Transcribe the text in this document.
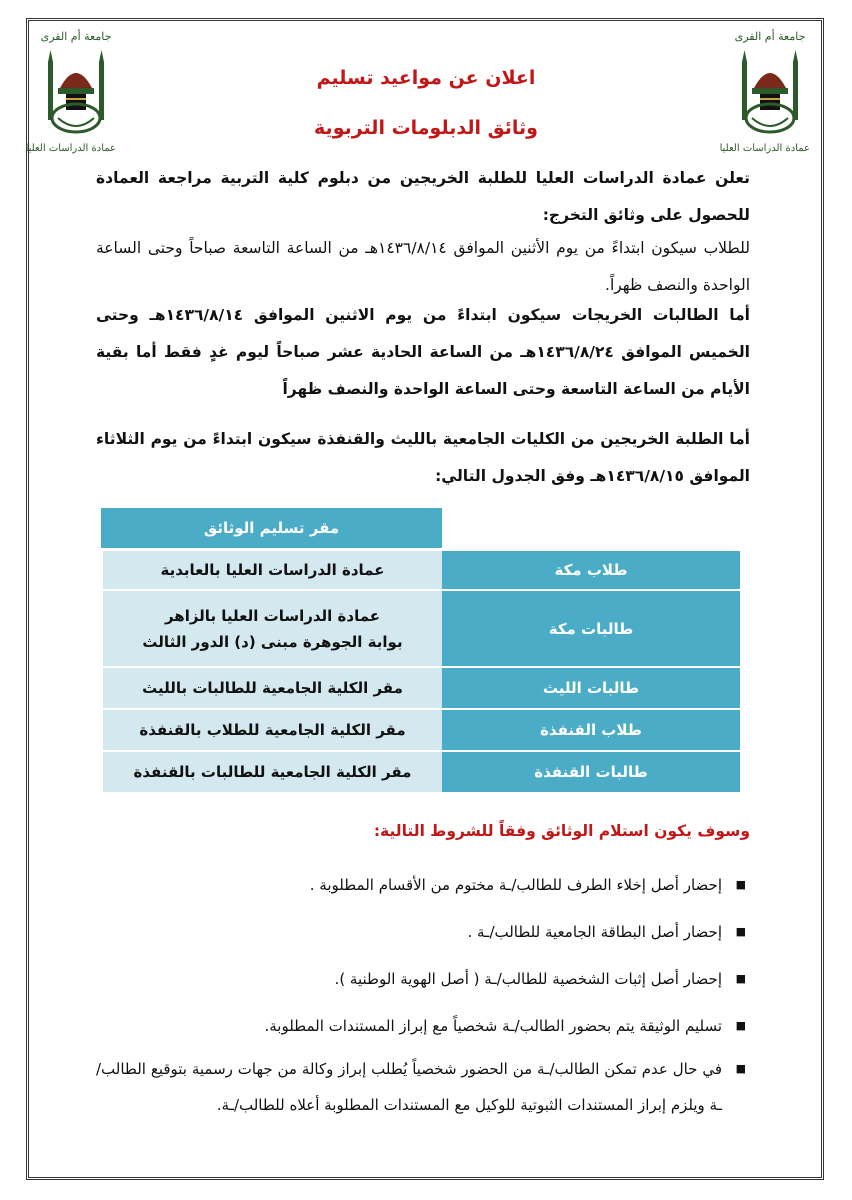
جامعة أم القرى
عمادة الدراسات العليا
جامعة أم القرى
عمادة الدراسات العليا
اعلان عن مواعيد تسليم
وثائق الدبلومات التربوية
تعلن عمادة الدراسات العليا للطلبة الخريجين من دبلوم كلية التربية مراجعة العمادة للحصول على وثائق التخرج:
للطلاب سيكون ابتداءً من يوم الأثنين الموافق ١٤٣٦/٨/١٤هـ من الساعة التاسعة صباحاً وحتى الساعة الواحدة والنصف ظهراً.
أما الطالبات الخريجات سيكون ابتداءً من يوم الاثنين الموافق ١٤٣٦/٨/١٤هـ وحتى الخميس الموافق ١٤٣٦/٨/٢٤هـ من الساعة الحادية عشر صباحاً ليوم غدٍ فقط أما بقية الأيام من الساعة التاسعة وحتى الساعة الواحدة والنصف ظهراً
أما الطلبة الخريجين من الكليات الجامعية بالليث والقنفذة سيكون ابتداءً من يوم الثلاثاء الموافق ١٤٣٦/٨/١٥هـ وفق الجدول التالي:
	مقر تسليم الوثائق
طلاب مكة	عمادة الدراسات العليا بالعابدية
طالبات مكة	عمادة الدراسات العليا بالزاهر
بوابة الجوهرة مبنى (د) الدور الثالث

طالبات الليث	مقر الكلية الجامعية للطالبات بالليث
طلاب القنفذة	مقر الكلية الجامعية للطلاب بالقنفذة
طالبات القنفذة	مقر الكلية الجامعية للطالبات بالقنفذة
وسوف يكون استلام الوثائق وفقاً للشروط التالية:
■ إحضار أصل إخلاء الطرف للطالب/ـة مختوم من الأقسام المطلوبة .
■ إحضار أصل البطاقة الجامعية للطالب/ـة .
■ إحضار أصل إثبات الشخصية للطالب/ـة ( أصل الهوية الوطنية ).
■ تسليم الوثيقة يتم بحضور الطالب/ـة شخصياً مع إبراز المستندات المطلوبة.
■ في حال عدم تمكن الطالب/ـة من الحضور شخصياً يُطلب إبراز وكالة من جهات رسمية بتوقيع الطالب/ـة ويلزم إبراز المستندات الثبوتية للوكيل مع المستندات المطلوبة أعلاه للطالب/ـة.
